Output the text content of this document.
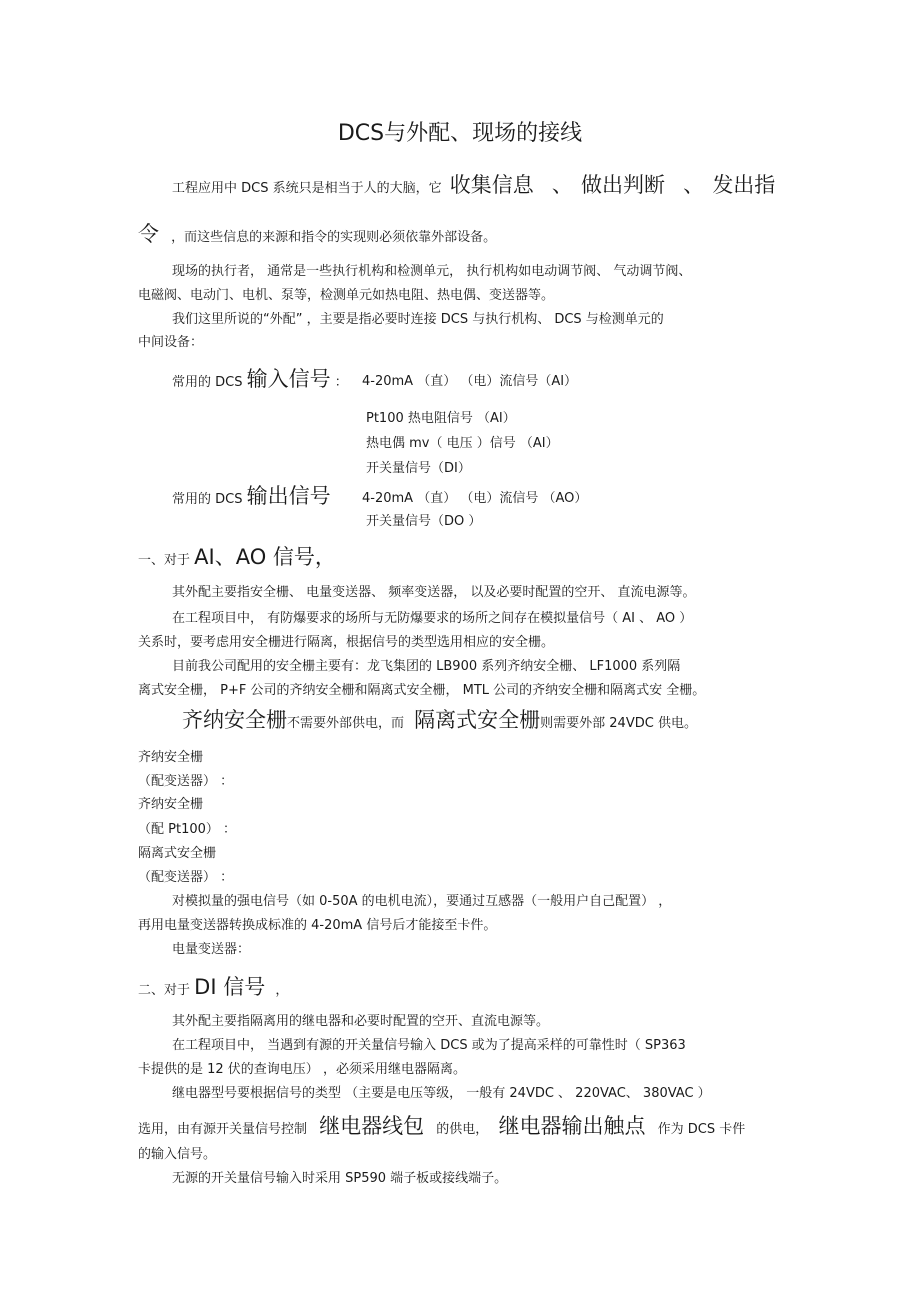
DCS与外配、现场的接线
工程应用中 DCS 系统只是相当于人的大脑，它 收集信息 、 做出判断 、 发出指
令 ，而这些信息的来源和指令的实现则必须依靠外部设备。
现场的执行者， 通常是一些执行机构和检测单元， 执行机构如电动调节阀、 气动调节阀、
电磁阀、电动门、电机、泵等，检测单元如热电阻、热电偶、变送器等。
我们这里所说的“外配” ，主要是指必要时连接 DCS 与执行机构、 DCS 与检测单元的
中间设备：
常用的 DCS 输入信号 ： 4-20mA （直） （电）流信号（AI）
Pt100 热电阻信号 （AI）
热电偶 mv（ 电压 ）信号 （AI）
开关量信号（DI）
常用的 DCS 输出信号 4-20mA （直） （电）流信号 （AO）
开关量信号（DO ）
一、对于 AI、AO 信号，
其外配主要指安全栅、 电量变送器、 频率变送器， 以及必要时配置的空开、 直流电源等。
在工程项目中， 有防爆要求的场所与无防爆要求的场所之间存在模拟量信号（ AI 、 AO ）
关系时，要考虑用安全栅进行隔离，根据信号的类型选用相应的安全栅。
目前我公司配用的安全栅主要有：龙飞集团的 LB900 系列齐纳安全栅、 LF1000 系列隔
离式安全栅， P+F 公司的齐纳安全栅和隔离式安全栅， MTL 公司的齐纳安全栅和隔离式安 全栅。
齐纳安全栅不需要外部供电，而 隔离式安全栅则需要外部 24VDC 供电。
齐纳安全栅
（配变送器） ：
齐纳安全栅
（配 Pt100） ：
隔离式安全栅
（配变送器） ：
对模拟量的强电信号（如 0-50A 的电机电流），要通过互感器（一般用户自己配置） ，
再用电量变送器转换成标准的 4-20mA 信号后才能接至卡件。
电量变送器：
二、对于 DI 信号 ，
其外配主要指隔离用的继电器和必要时配置的空开、直流电源等。
在工程项目中， 当遇到有源的开关量信号输入 DCS 或为了提高采样的可靠性时（ SP363
卡提供的是 12 伏的查询电压） ，必须采用继电器隔离。
继电器型号要根据信号的类型 （主要是电压等级， 一般有 24VDC 、 220VAC、 380VAC ）
选用，由有源开关量信号控制 继电器线包 的供电， 继电器输出触点 作为 DCS 卡件
的输入信号。
无源的开关量信号输入时采用 SP590 端子板或接线端子。
